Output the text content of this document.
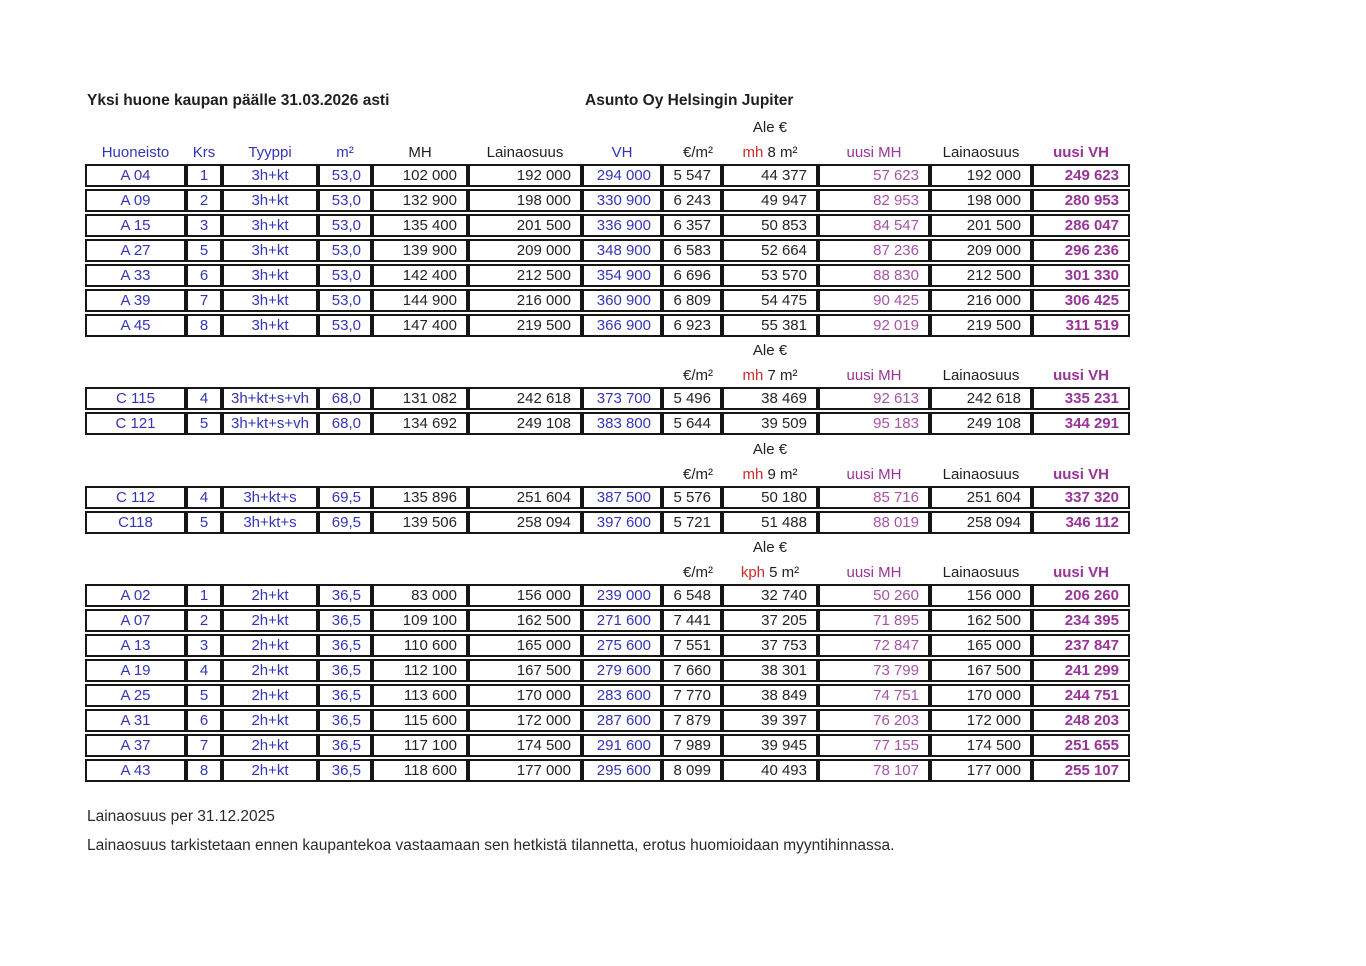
Yksi huone kaupan päälle 31.03.2026 asti	Asunto Oy Helsingin Jupiter
Ale €
Huoneisto	Krs	Tyyppi	m²	MH	Lainaosuus	VH	€/m²	mh 8 m²	uusi MH	Lainaosuus	uusi VH
A 04	1	3h+kt	53,0	102 000	192 000	294 000	5 547	44 377	57 623	192 000	249 623
A 09	2	3h+kt	53,0	132 900	198 000	330 900	6 243	49 947	82 953	198 000	280 953
A 15	3	3h+kt	53,0	135 400	201 500	336 900	6 357	50 853	84 547	201 500	286 047
A 27	5	3h+kt	53,0	139 900	209 000	348 900	6 583	52 664	87 236	209 000	296 236
A 33	6	3h+kt	53,0	142 400	212 500	354 900	6 696	53 570	88 830	212 500	301 330
A 39	7	3h+kt	53,0	144 900	216 000	360 900	6 809	54 475	90 425	216 000	306 425
A 45	8	3h+kt	53,0	147 400	219 500	366 900	6 923	55 381	92 019	219 500	311 519
Ale €
€/m²	mh 7 m²	uusi MH	Lainaosuus	uusi VH
C 115	4	3h+kt+s+vh	68,0	131 082	242 618	373 700	5 496	38 469	92 613	242 618	335 231
C 121	5	3h+kt+s+vh	68,0	134 692	249 108	383 800	5 644	39 509	95 183	249 108	344 291
Ale €
€/m²	mh 9 m²	uusi MH	Lainaosuus	uusi VH
C 112	4	3h+kt+s	69,5	135 896	251 604	387 500	5 576	50 180	85 716	251 604	337 320
C118	5	3h+kt+s	69,5	139 506	258 094	397 600	5 721	51 488	88 019	258 094	346 112
Ale €
€/m²	kph 5 m²	uusi MH	Lainaosuus	uusi VH
A 02	1	2h+kt	36,5	83 000	156 000	239 000	6 548	32 740	50 260	156 000	206 260
A 07	2	2h+kt	36,5	109 100	162 500	271 600	7 441	37 205	71 895	162 500	234 395
A 13	3	2h+kt	36,5	110 600	165 000	275 600	7 551	37 753	72 847	165 000	237 847
A 19	4	2h+kt	36,5	112 100	167 500	279 600	7 660	38 301	73 799	167 500	241 299
A 25	5	2h+kt	36,5	113 600	170 000	283 600	7 770	38 849	74 751	170 000	244 751
A 31	6	2h+kt	36,5	115 600	172 000	287 600	7 879	39 397	76 203	172 000	248 203
A 37	7	2h+kt	36,5	117 100	174 500	291 600	7 989	39 945	77 155	174 500	251 655
A 43	8	2h+kt	36,5	118 600	177 000	295 600	8 099	40 493	78 107	177 000	255 107
Lainaosuus per 31.12.2025
Lainaosuus tarkistetaan ennen kaupantekoa vastaamaan sen hetkistä tilannetta, erotus huomioidaan myyntihinnassa.
